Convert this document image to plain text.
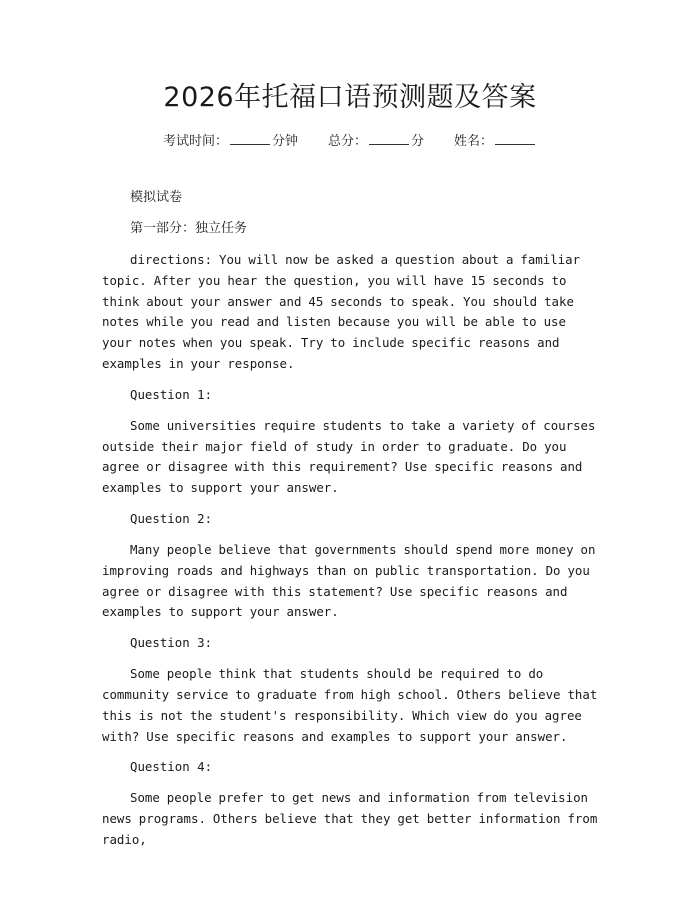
2026年托福口语预测题及答案
考试时间：	分钟 总分：	分 姓名：
模拟试卷
第一部分：独立任务
directions: You will now be asked a question about a familiar topic. After you hear the question, you will have 15 seconds to think about your answer and 45 seconds to speak. You should take notes while you read and listen because you will be able to use your notes when you speak. Try to include specific reasons and examples in your response.
Question 1:
Some universities require students to take a variety of courses outside their major field of study in order to graduate. Do you agree or disagree with this requirement? Use specific reasons and examples to support your answer.
Question 2:
Many people believe that governments should spend more money on improving roads and highways than on public transportation. Do you agree or disagree with this statement? Use specific reasons and examples to support your answer.
Question 3:
Some people think that students should be required to do community service to graduate from high school. Others believe that this is not the student's responsibility. Which view do you agree with? Use specific reasons and examples to support your answer.
Question 4:
Some people prefer to get news and information from television news programs. Others believe that they get better information from radio,
